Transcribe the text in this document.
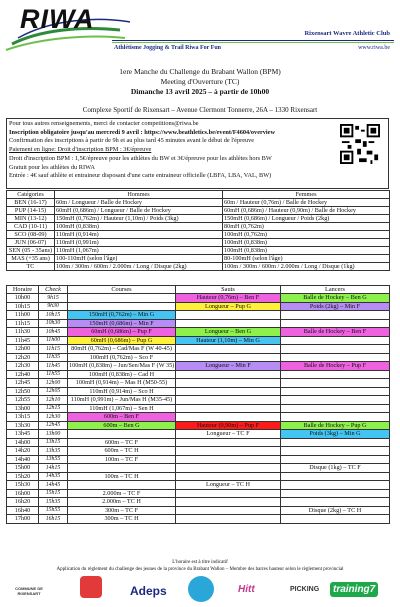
RIWA	Rixensart Wavre Athletic Club
Athlétisme Jogging & Trail Riwa For Fun	www.riwa.be
1ere Manche du Challenge du Brabant Wallon (BPM)
Meeting d'Ouverture (TC)
Dimanche 13 avril 2025 – à partir de 10h00
Complexe Sportif de Rixensart – Avenue Clermont Tonnerre, 26A – 1330 Rixensart
Pour tous autres renseignements, merci de contacter competitions@riwa.be
Inscription obligatoire jusqu'au mercredi 9 avril : https://www.beathletics.be/event/F4604/overview
Confirmation des inscriptions à partir de 9h et au plus tard 45 minutes avant le début de l'épreuve
Paiement en ligne: Droit d'inscription BPM : 3€/épreuve
Droit d'inscription BPM : 1,5€/épreuve pour les athlètes du BW et 3€/épreuve pour les athlètes hors BW
Gratuit pour les athlètes du RIWA
Entrée : 4€ sauf athlète et entraineur disposant d'une carte entraineur officielle (LBFA, LBA, VAL, BW)
Catégories	Hommes	Femmes
BEN (16-17)	60m / Longueur / Balle de Hockey	60m / Hauteur (0,76m) / Balle de Hockey
PUP (14-15)	60mH (0,686m) / Longueur / Balle de Hockey	60mH (0,686m) / Hauteur (0,90m) / Balle de Hockey
MIN (13-12)	150mH (0,762m) / Hauteur (1,10m) / Poids (3kg)	150mH (0,686m) / Longueur / Poids (2kg)
CAD (10-11)	100mH (0,838m)	80mH (0,762m)
SCO (08-09)	110mH (0,914m)	100mH (0,762m)
JUN (06-07)	110mH (0,991m)	100mH (0,838m)
SEN (05 - 35ans)	110mH (1,067m)	100mH (0,838m)
MAS (+35 ans)	100-110mH (selon l'âge)	80-100mH (selon l'âge)
TC	100m / 300m / 600m / 2.000m / Long / Disque (2kg)	100m / 300m / 600m / 2.000m / Long / Disque (1kg)
Horaire	Check	Courses	Sauts	Lancers
10h00	9h15		Hauteur (0,76m) – Ben F	Balle de Hockey – Ben G
10h15	9h30		Longueur – Pup G	Poids (2kg) – Min F
11h00	10h15	150mH (0,762m) – Min G		
11h15	10h30	150mH (0,686m) – Min F		
11h30	10h45	60mH (0,686m) – Pup F	Longueur – Ben G	Balle de Hockey – Ben F
11h45	11h00	60mH (0,686m) – Pup G	Hauteur (1,10m) – Min G	
12h00	11h15	80mH (0,762m) – Cad/Mas F (W 40-45)		
12h20	11h35	100mH (0,762m) – Sco F		
12h30	11h45	100mH (0,838m) – Jun/Sen/Mas F (W 35)	Longueur – Min F	Balle de Hockey – Pup F
12h40	11h55	100mH (0,838m) – Cad H		
12h45	12h00	100mH (0,914m) – Mas H (M50-55)		
12h50	12h05	110mH (0,914m) – Sco H		
12h55	12h10	110mH (0,991m) – Jun/Mas H (M35-45)		
13h00	12h15	110mH (1,067m) – Sen H		
13h15	12h30	600m – Ben F		
13h30	12h45	600m – Ben G	Hauteur (0,90m) – Pup F	Balle de Hockey – Pup G
13h45	13h00		Longueur – TC F	Poids (3kg) – Min G
14h00	13h15	600m – TC F		
14h20	13h35	600m – TC H		
14h40	13h55	100m – TC F		
15h00	14h15			Disque (1kg) – TC F
15h20	14h35	100m – TC H		
15h30	14h45		Longueur – TC H	
16h00	15h15	2.000m – TC F		
16h20	15h35	2.000m – TC H		
16h40	15h55	300m – TC F		Disque (2kg) – TC H
17h00	16h15	300m – TC H		
L'horaire est à titre indicatif
Application du règlement du challenge des jeunes de la province du Brabant Wallon – Membre des barres hauteur selon le règlement provincial
COMMUNE DE RIXENSART	Adeps	Hitt	PICKING	training7
